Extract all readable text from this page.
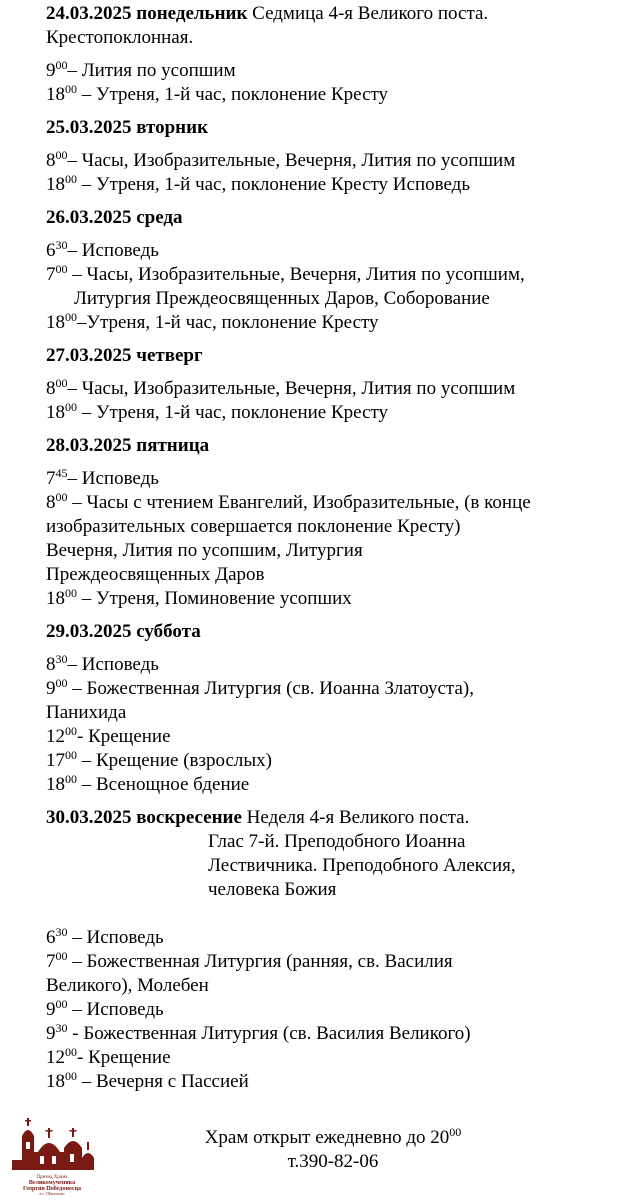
24.03.2025 понедельник Седмица 4-я Великого поста.
Крестопоклонная.
$9^{00}-$ Лития по усопшим
$18^{00}$ – Утреня, 1-й час, поклонение Кресту
25.03.2025 вторник
$8^{00}-$ Часы, Изобразительные, Вечерня, Лития по усопшим
$18^{00}$ – Утреня, 1-й час, поклонение Кресту Исповедь
26.03.2025 среда
$6^{30}-$ Исповедь
$7^{00}$ – Часы, Изобразительные, Вечерня, Лития по усопшим,
Литургия Преждеосвященных Даров, Соборование
$18^{00}$–Утреня, 1-й час, поклонение Кресту
27.03.2025 четверг
$8^{00}-$ Часы, Изобразительные, Вечерня, Лития по усопшим
$18^{00}$ – Утреня, 1-й час, поклонение Кресту
28.03.2025 пятница
$7^{45}-$ Исповедь
$8^{00}$ – Часы с чтением Евангелий, Изобразительные, (в конце
изобразительных совершается поклонение Кресту)
Вечерня, Лития по усопшим, Литургия
Преждеосвященных Даров
$18^{00}$ – Утреня, Поминовение усопших
29.03.2025 суббота
$8^{30}-$ Исповедь
$9^{00}$ – Божественная Литургия (св. Иоанна Златоуста),
Панихида
$12^{00}-$ Крещение
$17^{00}$ – Крещение (взрослых)
$18^{00}$ – Всенощное бдение
30.03.2025 воскресение Неделя 4-я Великого поста.
Глас 7-й. Преподобного Иоанна
Лествичника. Преподобного Алексия,
человека Божия
$6^{30}$ – Исповедь
$7^{00}$ – Божественная Литургия (ранняя, св. Василия
Великого), Молебен
$9^{00}$ – Исповедь
$9^{30}$ - Божественная Литургия (св. Василия Великого)
$12^{00}-$ Крещение
$18^{00}$ – Вечерня с Пассией
Приход Храма
Великомученика
Георгия Победоносца
в с. Шипилово
Храм открыт ежедневно до $20^{00}$
т.390-82-06
